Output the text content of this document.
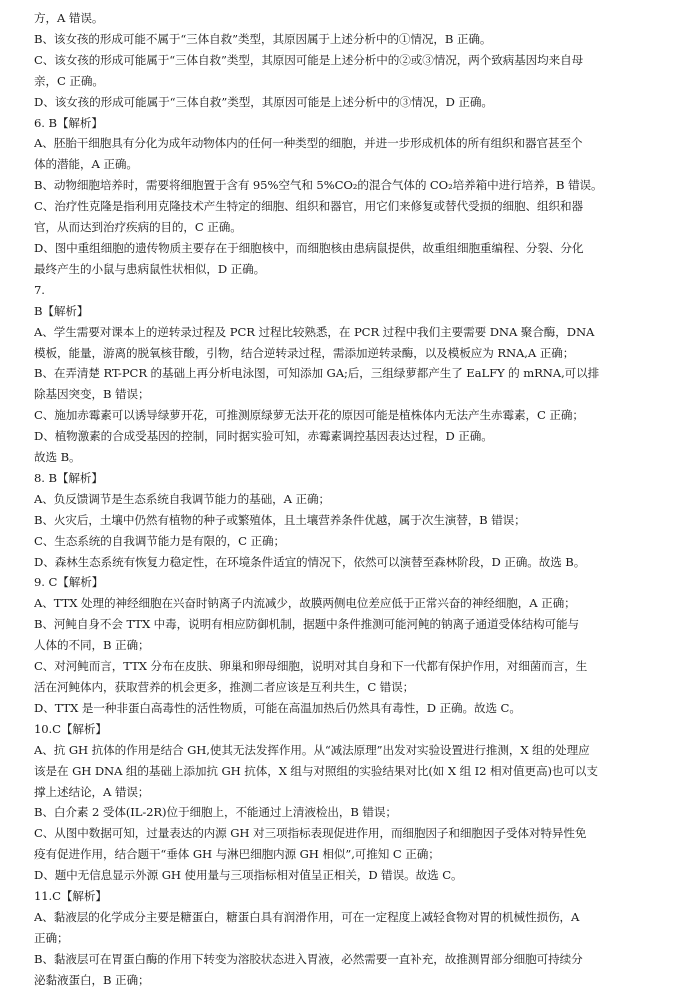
方，A 错误。
B、该女孩的形成可能不属于“三体自救”类型，其原因属于上述分析中的①情况，B 正确。
C、该女孩的形成可能属于“三体自救”类型，其原因可能是上述分析中的②或③情况，两个致病基因均来自母
亲，C 正确。
D、该女孩的形成可能属于“三体自救”类型，其原因可能是上述分析中的③情况，D 正确。
6. B【解析】
A、胚胎干细胞具有分化为成年动物体内的任何一种类型的细胞，并进一步形成机体的所有组织和器官甚至个
体的潜能，A 正确。
B、动物细胞培养时，需要将细胞置于含有 95%空气和 5%CO₂的混合气体的 CO₂培养箱中进行培养，B 错误。
C、治疗性克隆是指利用克隆技术产生特定的细胞、组织和器官，用它们来修复或替代受损的细胞、组织和器
官，从而达到治疗疾病的目的，C 正确。
D、图中重组细胞的遗传物质主要存在于细胞核中，而细胞核由患病鼠提供，故重组细胞重编程、分裂、分化
最终产生的小鼠与患病鼠性状相似，D 正确。
7.
B【解析】
A、学生需要对课本上的逆转录过程及 PCR 过程比较熟悉，在 PCR 过程中我们主要需要 DNA 聚合酶，DNA
模板，能量，游离的脱氧核苷酸，引物，结合逆转录过程，需添加逆转录酶，以及模板应为 RNA,A 正确；
B、在弄清楚 RT-PCR 的基础上再分析电泳图，可知添加 GA;后，三组绿萝都产生了 EaLFY 的 mRNA,可以排
除基因突变，B 错误；
C、施加赤霉素可以诱导绿萝开花，可推测原绿萝无法开花的原因可能是植株体内无法产生赤霉素，C 正确；
D、植物激素的合成受基因的控制，同时据实验可知，赤霉素调控基因表达过程，D 正确。
故选 B。
8. B【解析】
A、负反馈调节是生态系统自我调节能力的基础，A 正确；
B、火灾后，土壤中仍然有植物的种子或繁殖体，且土壤营养条件优越，属于次生演替，B 错误；
C、生态系统的自我调节能力是有限的，C 正确；
D、森林生态系统有恢复力稳定性，在环境条件适宜的情况下，依然可以演替至森林阶段，D 正确。故选 B。
9. C【解析】
A、TTX 处理的神经细胞在兴奋时钠离子内流减少，故膜两侧电位差应低于正常兴奋的神经细胞，A 正确；
B、河鲀自身不会 TTX 中毒，说明有相应防御机制，据题中条件推测可能河鲀的钠离子通道受体结构可能与
人体的不同，B 正确；
C、对河鲀而言，TTX 分布在皮肤、卵巢和卵母细胞，说明对其自身和下一代都有保护作用，对细菌而言，生
活在河鲀体内，获取营养的机会更多，推测二者应该是互利共生，C 错误；
D、TTX 是一种非蛋白高毒性的活性物质，可能在高温加热后仍然具有毒性，D 正确。故选 C。
10.C【解析】
A、抗 GH 抗体的作用是结合 GH,使其无法发挥作用。从“减法原理”出发对实验设置进行推测，X 组的处理应
该是在 GH DNA 组的基础上添加抗 GH 抗体，X 组与对照组的实验结果对比(如 X 组 I2 相对值更高)也可以支
撑上述结论，A 错误；
B、白介素 2 受体(IL-2R)位于细胞上，不能通过上清液检出，B 错误；
C、从图中数据可知，过量表达的内源 GH 对三项指标表现促进作用，而细胞因子和细胞因子受体对特异性免
疫有促进作用，结合题干“垂体 GH 与淋巴细胞内源 GH 相似”,可推知 C 正确；
D、题中无信息显示外源 GH 使用量与三项指标相对值呈正相关，D 错误。故选 C。
11.C【解析】
A、黏液层的化学成分主要是糖蛋白，糖蛋白具有润滑作用，可在一定程度上减轻食物对胃的机械性损伤，A
正确；
B、黏液层可在胃蛋白酶的作用下转变为溶胶状态进入胃液，必然需要一直补充，故推测胃部分细胞可持续分
泌黏液蛋白，B 正确；
